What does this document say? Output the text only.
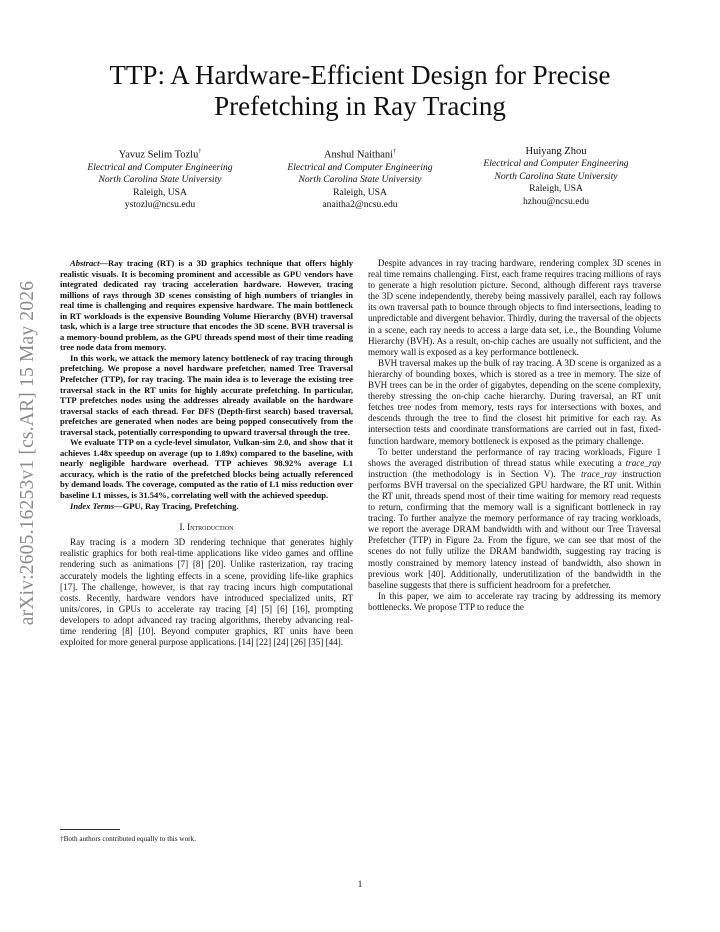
TTP: A Hardware-Efficient Design for Precise
Prefetching in Ray Tracing
Yavuz Selim Tozlu†
Electrical and Computer Engineering
North Carolina State University
Raleigh, USA
ystozlu@ncsu.edu
Anshul Naithani†
Electrical and Computer Engineering
North Carolina State University
Raleigh, USA
anaitha2@ncsu.edu
Huiyang Zhou
Electrical and Computer Engineering
North Carolina State University
Raleigh, USA
hzhou@ncsu.edu
arXiv:2605.16253v1 [cs.AR] 15 May 2026

Abstract—Ray tracing (RT) is a 3D graphics technique that offers highly realistic visuals. It is becoming prominent and accessible as GPU vendors have integrated dedicated ray tracing acceleration hardware. However, tracing millions of rays through 3D scenes consisting of high numbers of triangles in real time is challenging and requires expensive hardware. The main bottleneck in RT workloads is the expensive Bounding Volume Hierarchy (BVH) traversal task, which is a large tree structure that encodes the 3D scene. BVH traversal is a memory-bound problem, as the GPU threads spend most of their time reading tree node data from memory.

In this work, we attack the memory latency bottleneck of ray tracing through prefetching. We propose a novel hardware prefetcher, named Tree Traversal Prefetcher (TTP), for ray tracing. The main idea is to leverage the existing tree traversal stack in the RT units for highly accurate prefetching. In particular, TTP prefetches nodes using the addresses already available on the hardware traversal stacks of each thread. For DFS (Depth-first search) based traversal, prefetches are generated when nodes are being popped consecutively from the traversal stack, potentially corresponding to upward traversal through the tree.

We evaluate TTP on a cycle-level simulator, Vulkan-sim 2.0, and show that it achieves 1.48x speedup on average (up to 1.89x) compared to the baseline, with nearly negligible hardware overhead. TTP achieves 98.92% average L1 accuracy, which is the ratio of the prefetched blocks being actually referenced by demand loads. The coverage, computed as the ratio of L1 miss reduction over baseline L1 misses, is 31.54%, correlating well with the achieved speedup.

Index Terms—GPU, Ray Tracing, Prefetching.

I. Introduction

Ray tracing is a modern 3D rendering technique that generates highly realistic graphics for both real-time applications like video games and offline rendering such as animations [7] [8] [20]. Unlike rasterization, ray tracing accurately models the lighting effects in a scene, providing life-like graphics [17]. The challenge, however, is that ray tracing incurs high computational costs. Recently, hardware vendors have introduced specialized units, RT units/cores, in GPUs to accelerate ray tracing [4] [5] [6] [16], prompting developers to adopt advanced ray tracing algorithms, thereby advancing real-time rendering [8] [10]. Beyond computer graphics, RT units have been exploited for more general purpose applications. [14] [22] [24] [26] [35] [44].

†Both authors contributed equally to this work.

Despite advances in ray tracing hardware, rendering complex 3D scenes in real time remains challenging. First, each frame requires tracing millions of rays to generate a high resolution picture. Second, although different rays traverse the 3D scene independently, thereby being massively parallel, each ray follows its own traversal path to bounce through objects to find intersections, leading to unpredictable and divergent behavior. Thirdly, during the traversal of the objects in a scene, each ray needs to access a large data set, i.e., the Bounding Volume Hierarchy (BVH). As a result, on-chip caches are usually not sufficient, and the memory wall is exposed as a key performance bottleneck.

BVH traversal makes up the bulk of ray tracing. A 3D scene is organized as a hierarchy of bounding boxes, which is stored as a tree in memory. The size of BVH trees can be in the order of gigabytes, depending on the scene complexity, thereby stressing the on-chip cache hierarchy. During traversal, an RT unit fetches tree nodes from memory, tests rays for intersections with boxes, and descends through the tree to find the closest hit primitive for each ray. As intersection tests and coordinate transformations are carried out in fast, fixed-function hardware, memory bottleneck is exposed as the primary challenge.

To better understand the performance of ray tracing workloads, Figure 1 shows the averaged distribution of thread status while executing a trace_ray instruction (the methodology is in Section V). The trace_ray instruction performs BVH traversal on the specialized GPU hardware, the RT unit. Within the RT unit, threads spend most of their time waiting for memory read requests to return, confirming that the memory wall is a significant bottleneck in ray tracing. To further analyze the memory performance of ray tracing workloads, we report the average DRAM bandwidth with and without our Tree Traversal Prefetcher (TTP) in Figure 2a. From the figure, we can see that most of the scenes do not fully utilize the DRAM bandwidth, suggesting ray tracing is mostly constrained by memory latency instead of bandwidth, also shown in previous work [40]. Additionally, underutilization of the bandwidth in the baseline suggests that there is sufficient headroom for a prefetcher.

In this paper, we aim to accelerate ray tracing by addressing its memory bottlenecks. We propose TTP to reduce the

1
